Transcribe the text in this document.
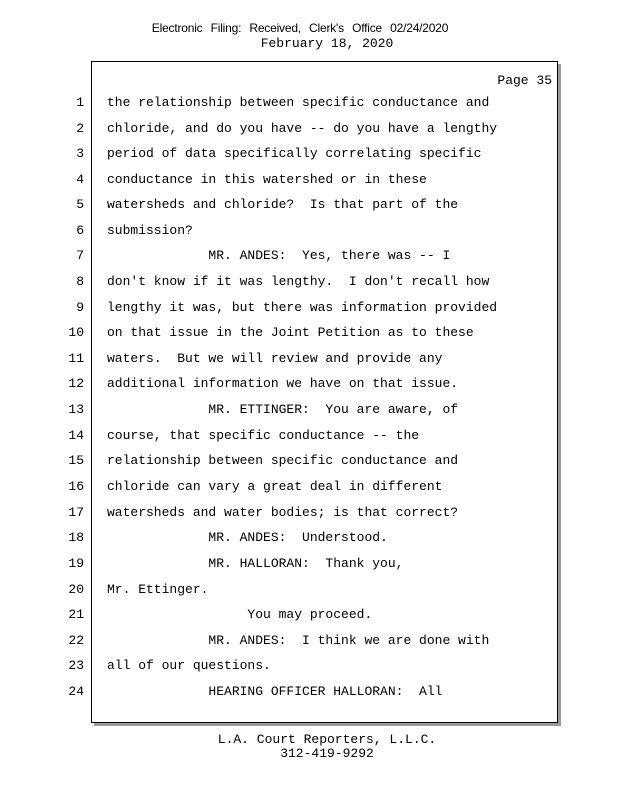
Electronic Filing: Received, Clerk's Office 02/24/2020
February 18, 2020
Page 35
1 the relationship between specific conductance and
2 chloride, and do you have -- do you have a lengthy
3 period of data specifically correlating specific
4 conductance in this watershed or in these
5 watersheds and chloride?  Is that part of the
6 submission?
7 MR. ANDES:  Yes, there was -- I
8 don't know if it was lengthy.  I don't recall how
9 lengthy it was, but there was information provided
10 on that issue in the Joint Petition as to these
11 waters.  But we will review and provide any
12 additional information we have on that issue.
13 MR. ETTINGER:  You are aware, of
14 course, that specific conductance -- the
15 relationship between specific conductance and
16 chloride can vary a great deal in different
17 watersheds and water bodies; is that correct?
18 MR. ANDES:  Understood.
19 MR. HALLORAN:  Thank you,
20 Mr. Ettinger.
21 You may proceed.
22 MR. ANDES:  I think we are done with
23 all of our questions.
24 HEARING OFFICER HALLORAN:  All
L.A. Court Reporters, L.L.C.
312-419-9292
